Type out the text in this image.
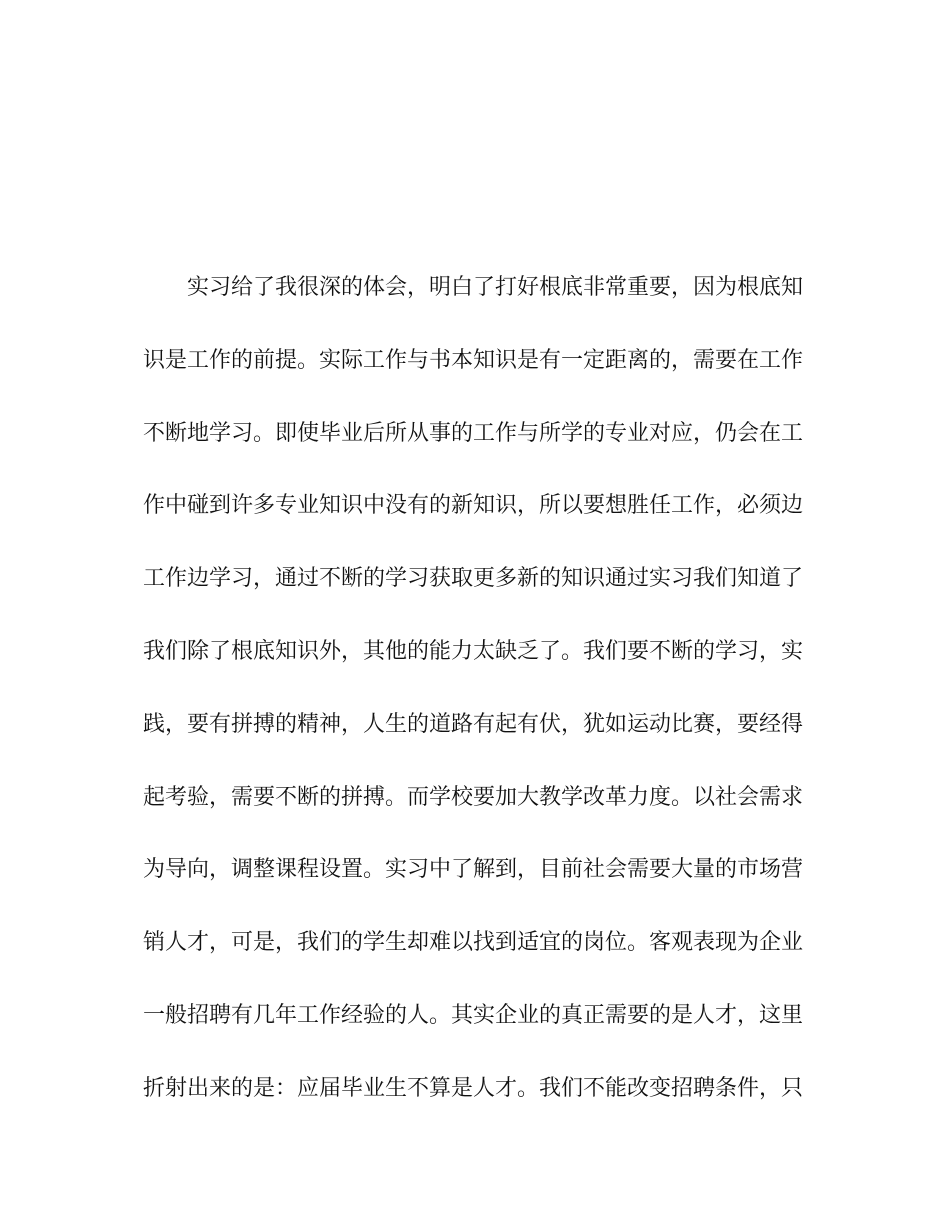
实习给了我很深的体会，明白了打好根底非常重要，因为根底知
识是工作的前提。实际工作与书本知识是有一定距离的，需要在工作
不断地学习。即使毕业后所从事的工作与所学的专业对应，仍会在工
作中碰到许多专业知识中没有的新知识，所以要想胜任工作，必须边
工作边学习，通过不断的学习获取更多新的知识通过实习我们知道了
我们除了根底知识外，其他的能力太缺乏了。我们要不断的学习，实
践，要有拼搏的精神，人生的道路有起有伏，犹如运动比赛，要经得
起考验，需要不断的拼搏。而学校要加大教学改革力度。以社会需求
为导向，调整课程设置。实习中了解到，目前社会需要大量的市场营
销人才，可是，我们的学生却难以找到适宜的岗位。客观表现为企业
一般招聘有几年工作经验的人。其实企业的真正需要的是人才，这里
折射出来的是：应届毕业生不算是人才。我们不能改变招聘条件，只
